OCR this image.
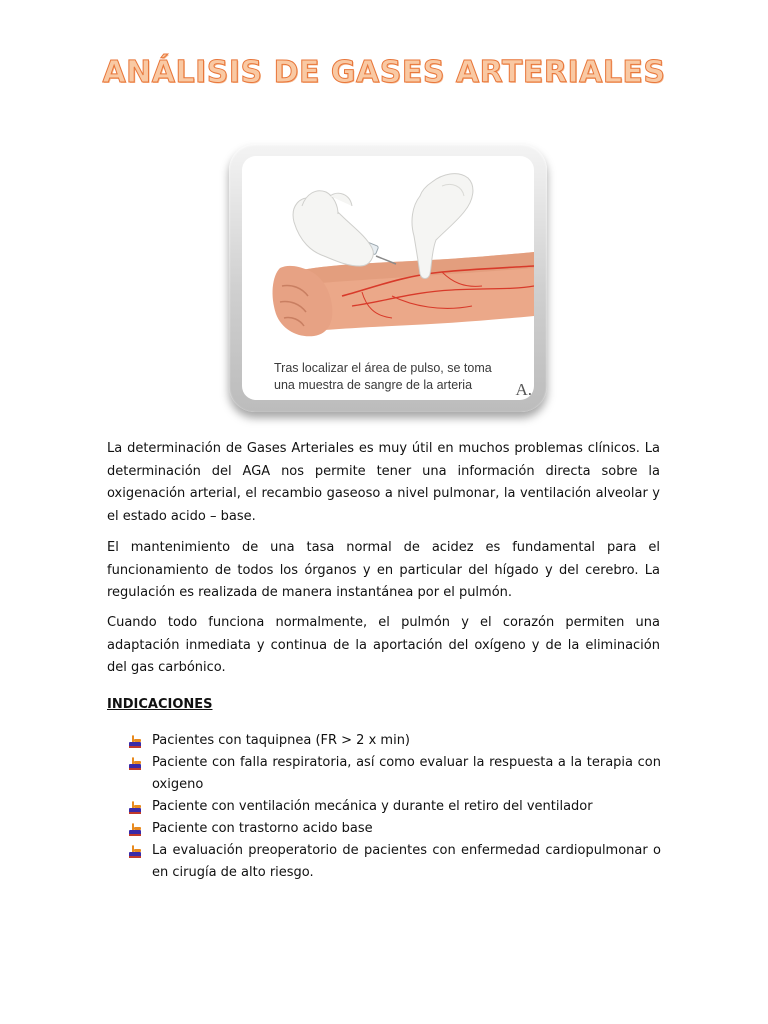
ANÁLISIS DE GASES ARTERIALES
Tras localizar el área de pulso, se toma
una muestra de sangre de la arteria	A.
La determinación de Gases Arteriales es muy útil en muchos problemas clínicos. La determinación del AGA nos permite tener una información directa sobre la oxigenación arterial, el recambio gaseoso a nivel pulmonar, la ventilación alveolar y el estado acido – base.
El mantenimiento de una tasa normal de acidez es fundamental para el funcionamiento de todos los órganos y en particular del hígado y del cerebro. La regulación es realizada de manera instantánea por el pulmón.
Cuando todo funciona normalmente, el pulmón y el corazón permiten una adaptación inmediata y continua de la aportación del oxígeno y de la eliminación del gas carbónico.
INDICACIONES
Pacientes con taquipnea (FR > 2 x min)
Paciente con falla respiratoria, así como evaluar la respuesta a la terapia con oxigeno
Paciente con ventilación mecánica y durante el retiro del ventilador
Paciente con trastorno acido base
La evaluación preoperatorio de pacientes con enfermedad cardiopulmonar o en cirugía de alto riesgo.
